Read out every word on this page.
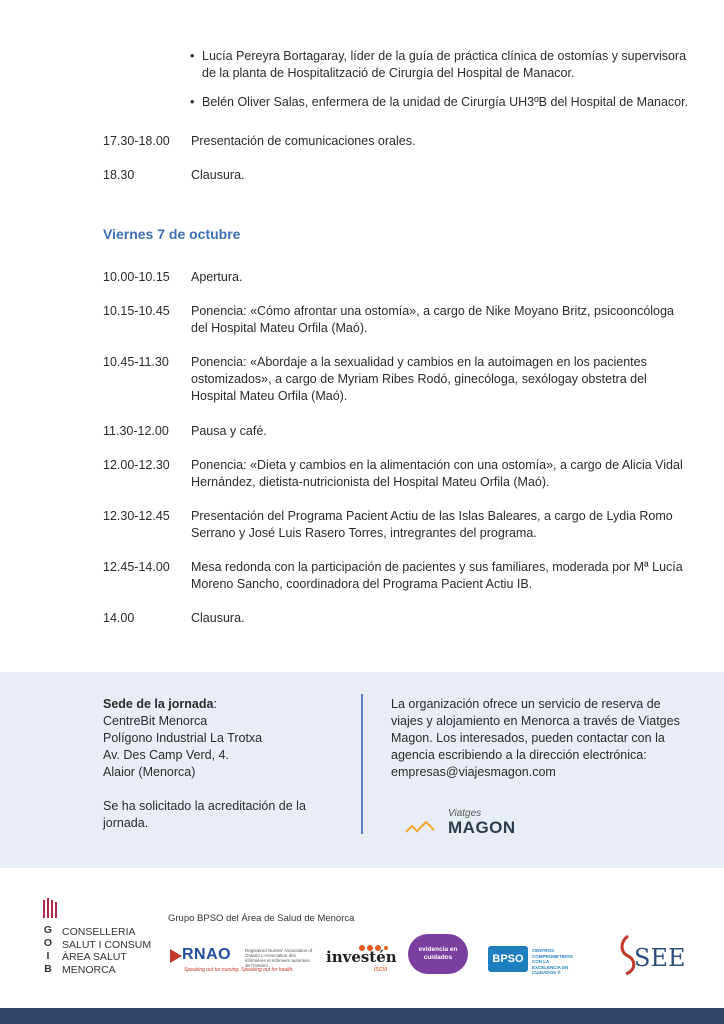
• Lucía Pereyra Bortagaray, líder de la guía de práctica clínica de ostomías y supervisora de la planta de Hospitalització de Cirurgía del Hospital de Manacor.
• Belén Oliver Salas, enfermera de la unidad de Cirurgía UH3ºB del Hospital de Manacor.
17.30-18.00	Presentación de comunicaciones orales.
18.30	Clausura.
Viernes 7 de octubre
10.00-10.15	Apertura.
10.15-10.45	Ponencia: «Cómo afrontar una ostomía», a cargo de Nike Moyano Britz, psicooncóloga del Hospital Mateu Orfila (Maó).
10.45-11.30	Ponencia: «Abordaje a la sexualidad y cambios en la autoimagen en los pacientes ostomizados», a cargo de Myriam Ribes Rodó, ginecóloga, sexólogay obstetra del Hospital Mateu Orfila (Maó).
11.30-12.00	Pausa y café.
12.00-12.30	Ponencia: «Dieta y cambios en la alimentación con una ostomía», a cargo de Alicia Vidal Hernández, dietista-nutricionista del Hospital Mateu Orfila (Maó).
12.30-12.45	Presentación del Programa Pacient Actiu de las Islas Baleares, a cargo de Lydia Romo Serrano y José Luis Rasero Torres, intregrantes del programa.
12.45-14.00	Mesa redonda con la participación de pacientes y sus familiares, moderada por Mª Lucía Moreno Sancho, coordinadora del Programa Pacient Actiu IB.
14.00	Clausura.
Sede de la jornada:
CentreBit Menorca
Polígono Industrial La Trotxa
Av. Des Camp Verd, 4.
Alaior (Menorca)
Se ha solicitado la acreditación de la jornada.
La organización ofrece un servicio de reserva de viajes y alojamiento en Menorca a través de Viatges Magon. Los interesados, pueden contactar con la agencia escribiendo a la dirección electrónica: empresas@viajesmagon.com
Viatges
MAGON
G
O
I
B
CONSELLERIA
SALUT I CONSUM
ÀREA SALUT
MENORCA
Grupo BPSO del Área de Salud de Menorca
RNAO	Registered Nurses' Association of Ontario L'Association des infirmières et infirmiers autorisés de l'Ontario
Speaking out for nursing. Speaking out for health.
investén
isciii
evidencia en cuidados	BPSO
CENTROS COMPROMETIDOS CON LA EXCELENCIA EN CUIDADOS ®
SEE
